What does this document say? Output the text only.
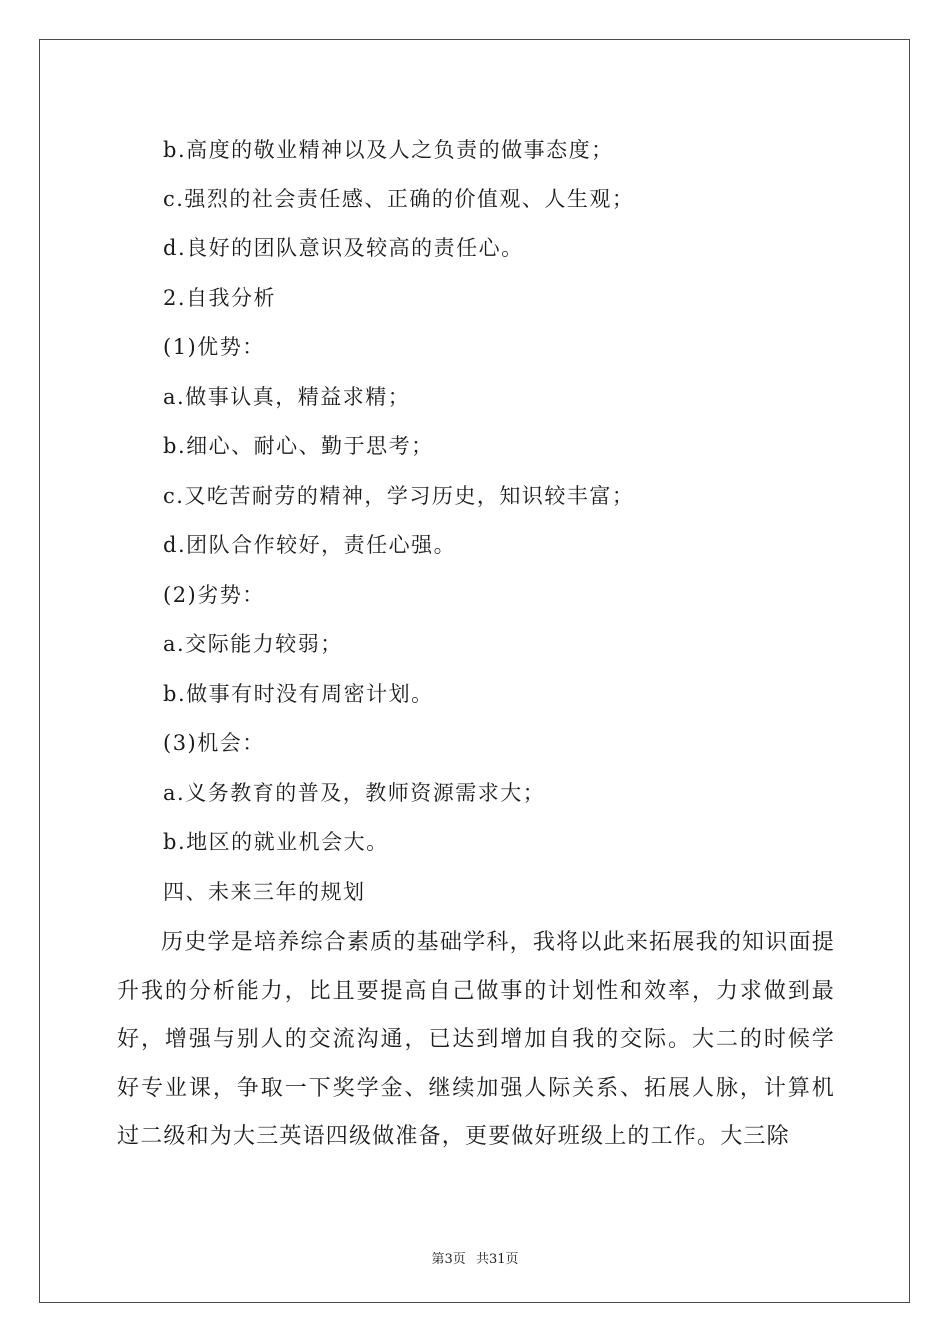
b.高度的敬业精神以及人之负责的做事态度；
c.强烈的社会责任感、正确的价值观、人生观；
d.良好的团队意识及较高的责任心。
2.自我分析
(1)优势：
a.做事认真，精益求精；
b.细心、耐心、勤于思考；
c.又吃苦耐劳的精神，学习历史，知识较丰富；
d.团队合作较好，责任心强。
(2)劣势：
a.交际能力较弱；
b.做事有时没有周密计划。
(3)机会：
a.义务教育的普及，教师资源需求大；
b.地区的就业机会大。
四、未来三年的规划
历史学是培养综合素质的基础学科，我将以此来拓展我的知识面提升我的分析能力，比且要提高自己做事的计划性和效率，力求做到最好，增强与别人的交流沟通，已达到增加自我的交际。大二的时候学好专业课，争取一下奖学金、继续加强人际关系、拓展人脉，计算机过二级和为大三英语四级做准备，更要做好班级上的工作。大三除
第3页 共31页
